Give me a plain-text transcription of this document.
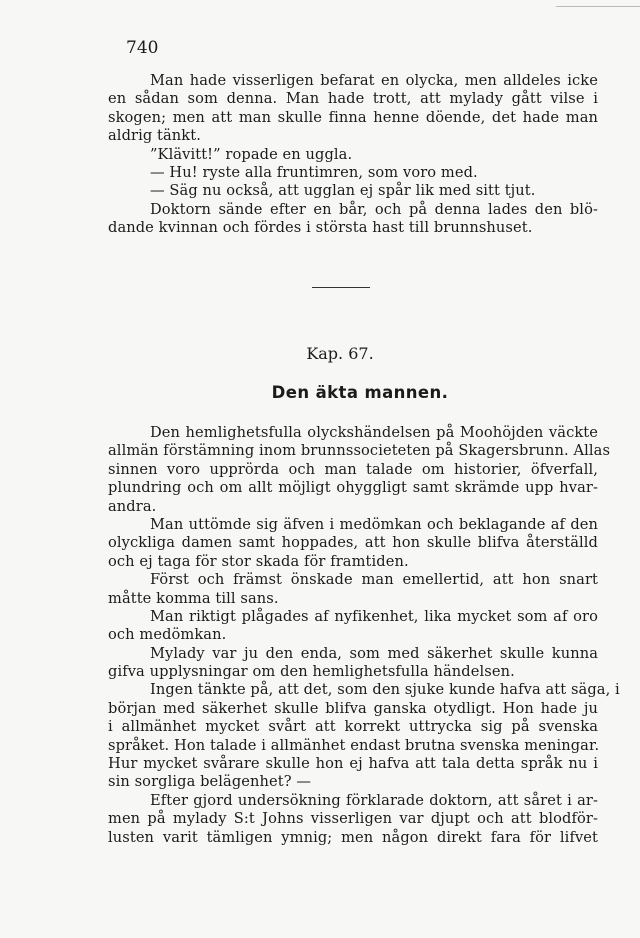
740
Man hade visserligen befarat en olycka, men alldeles icke
en sådan som denna. Man hade trott, att mylady gått vilse i
skogen; men att man skulle finna henne döende, det hade man
aldrig tänkt.
”Klävitt!” ropade en uggla.
— Hu! ryste alla fruntimren, som voro med.
— Säg nu också, att ugglan ej spår lik med sitt tjut.
Doktorn sände efter en bår, och på denna lades den blö-
dande kvinnan och fördes i största hast till brunnshuset.
Kap. 67.
Den äkta mannen.
Den hemlighetsfulla olyckshändelsen på Moohöjden väckte
allmän förstämning inom brunnssocieteten på Skagersbrunn. Allas
sinnen voro upprörda och man talade om historier, öfverfall,
plundring och om allt möjligt ohyggligt samt skrämde upp hvar-
andra.
Man uttömde sig äfven i medömkan och beklagande af den
olyckliga damen samt hoppades, att hon skulle blifva återställd
och ej taga för stor skada för framtiden.
Först och främst önskade man emellertid, att hon snart
måtte komma till sans.
Man riktigt plågades af nyfikenhet, lika mycket som af oro
och medömkan.
Mylady var ju den enda, som med säkerhet skulle kunna
gifva upplysningar om den hemlighetsfulla händelsen.
Ingen tänkte på, att det, som den sjuke kunde hafva att säga, i
början med säkerhet skulle blifva ganska otydligt. Hon hade ju
i allmänhet mycket svårt att korrekt uttrycka sig på svenska
språket. Hon talade i allmänhet endast brutna svenska meningar.
Hur mycket svårare skulle hon ej hafva att tala detta språk nu i
sin sorgliga belägenhet? —
Efter gjord undersökning förklarade doktorn, att såret i ar-
men på mylady S:t Johns visserligen var djupt och att blodför-
lusten varit tämligen ymnig; men någon direkt fara för lifvet
